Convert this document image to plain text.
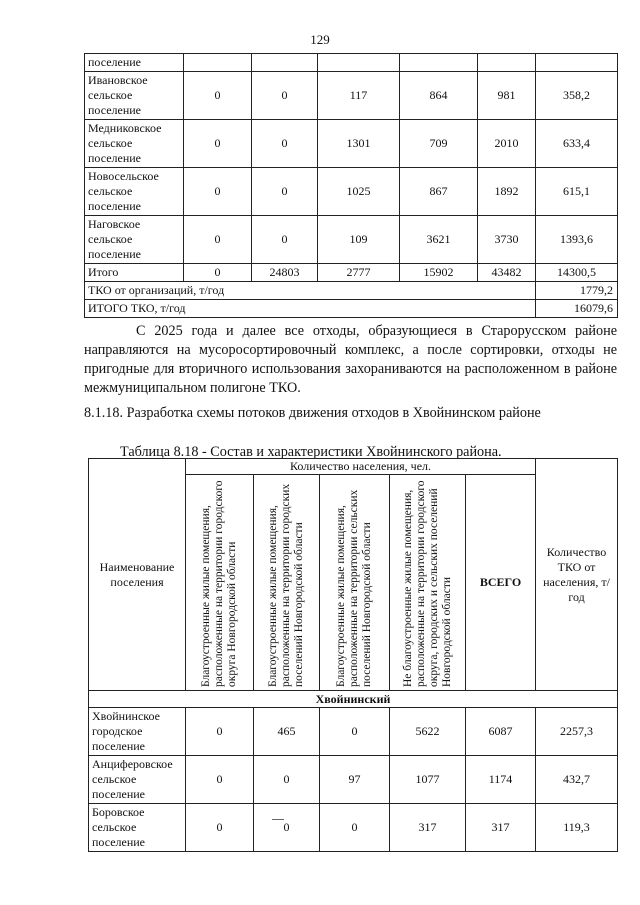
129
поселение						
Ивановское сельское поселение	0	0	117	864	981	358,2
Медниковское сельское поселение	0	0	1301	709	2010	633,4
Новосельское сельское поселение	0	0	1025	867	1892	615,1
Наговское сельское поселение	0	0	109	3621	3730	1393,6
Итого	0	24803	2777	15902	43482	14300,5
ТКО от организаций, т/год						1779,2
ИТОГО ТКО, т/год						16079,6
С 2025 года и далее все отходы, образующиеся в Старорусском районе направляются на мусоросортировочный комплекс, а после сортировки, отходы не пригодные для вторичного использования захораниваются на расположенном в районе межмуниципальном полигоне ТКО.
8.1.18. Разработка схемы потоков движения отходов в Хвойнинском районе
Таблица 8.18 - Состав и характеристики Хвойнинского района.
Наименование поселения	Количество населения, чел.					Количество ТКО от населения, т/год

	Благоустроенные жилые помещения, расположенные на территории городского округа Новгородской области	Благоустроенные жилые помещения, расположенные на территории городских поселений Новгородской области	Благоустроенные жилые помещения, расположенные на территории сельских поселений Новгородской области	Не благоустроенные жилые помещения, расположенные на территории городского округа, городских и сельских поселений Новгородской области	ВСЕГО	
Хвойнинский						
Хвойнинское городское поселение	0	465	0	5622	6087	2257,3
Анциферовское сельское поселение	0	0	97	1077	1174	432,7
Боровское сельское поселение	0	0	0	317	317	119,3
